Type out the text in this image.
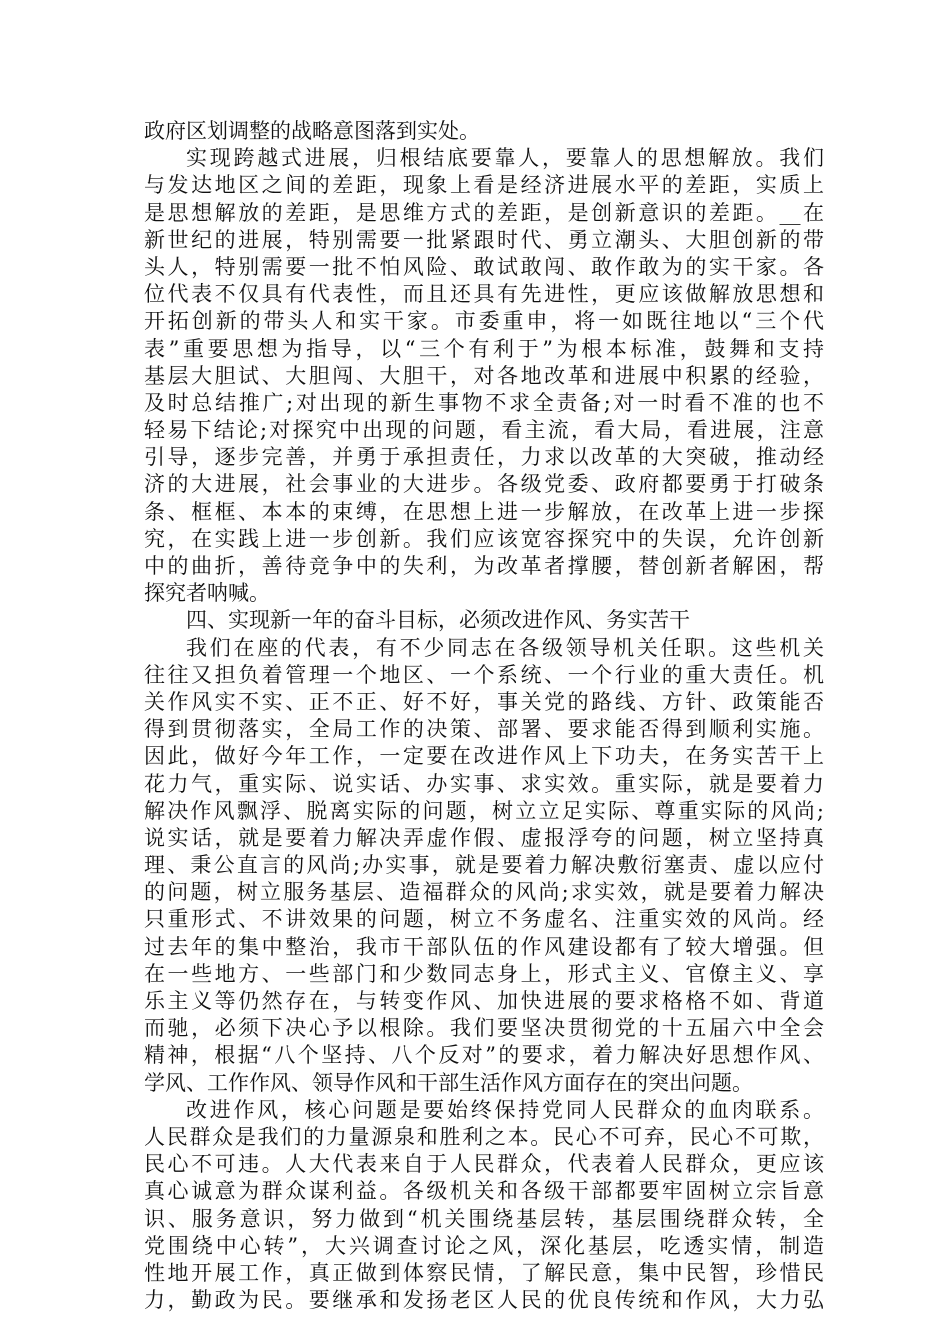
政府区划调整的战略意图落到实处。
实现跨越式进展，归根结底要靠人，要靠人的思想解放。我们
与发达地区之间的差距，现象上看是经济进展水平的差距，实质上
是思想解放的差距，是思维方式的差距，是创新意识的差距。__在
新世纪的进展，特别需要一批紧跟时代、勇立潮头、大胆创新的带
头人，特别需要一批不怕风险、敢试敢闯、敢作敢为的实干家。各
位代表不仅具有代表性，而且还具有先进性，更应该做解放思想和
开拓创新的带头人和实干家。市委重申，将一如既往地以“三个代
表”重要思想为指导，以“三个有利于”为根本标准，鼓舞和支持
基层大胆试、大胆闯、大胆干，对各地改革和进展中积累的经验，
及时总结推广;对出现的新生事物不求全责备;对一时看不准的也不
轻易下结论;对探究中出现的问题，看主流，看大局，看进展，注意
引导，逐步完善，并勇于承担责任，力求以改革的大突破，推动经
济的大进展，社会事业的大进步。各级党委、政府都要勇于打破条
条、框框、本本的束缚，在思想上进一步解放，在改革上进一步探
究，在实践上进一步创新。我们应该宽容探究中的失误，允许创新
中的曲折，善待竞争中的失利，为改革者撑腰，替创新者解困，帮
探究者呐喊。
四、实现新一年的奋斗目标，必须改进作风、务实苦干
我们在座的代表，有不少同志在各级领导机关任职。这些机关
往往又担负着管理一个地区、一个系统、一个行业的重大责任。机
关作风实不实、正不正、好不好，事关党的路线、方针、政策能否
得到贯彻落实，全局工作的决策、部署、要求能否得到顺利实施。
因此，做好今年工作，一定要在改进作风上下功夫，在务实苦干上
花力气，重实际、说实话、办实事、求实效。重实际，就是要着力
解决作风飘浮、脱离实际的问题，树立立足实际、尊重实际的风尚;
说实话，就是要着力解决弄虚作假、虚报浮夸的问题，树立坚持真
理、秉公直言的风尚;办实事，就是要着力解决敷衍塞责、虚以应付
的问题，树立服务基层、造福群众的风尚;求实效，就是要着力解决
只重形式、不讲效果的问题，树立不务虚名、注重实效的风尚。经
过去年的集中整治，我市干部队伍的作风建设都有了较大增强。但
在一些地方、一些部门和少数同志身上，形式主义、官僚主义、享
乐主义等仍然存在，与转变作风、加快进展的要求格格不如、背道
而驰，必须下决心予以根除。我们要坚决贯彻党的十五届六中全会
精神，根据“八个坚持、八个反对”的要求，着力解决好思想作风、
学风、工作作风、领导作风和干部生活作风方面存在的突出问题。
改进作风，核心问题是要始终保持党同人民群众的血肉联系。
人民群众是我们的力量源泉和胜利之本。民心不可弃，民心不可欺，
民心不可违。人大代表来自于人民群众，代表着人民群众，更应该
真心诚意为群众谋利益。各级机关和各级干部都要牢固树立宗旨意
识、服务意识，努力做到“机关围绕基层转，基层围绕群众转，全
党围绕中心转”，大兴调查讨论之风，深化基层，吃透实情，制造
性地开展工作，真正做到体察民情，了解民意，集中民智，珍惜民
力，勤政为民。要继承和发扬老区人民的优良传统和作风，大力弘
